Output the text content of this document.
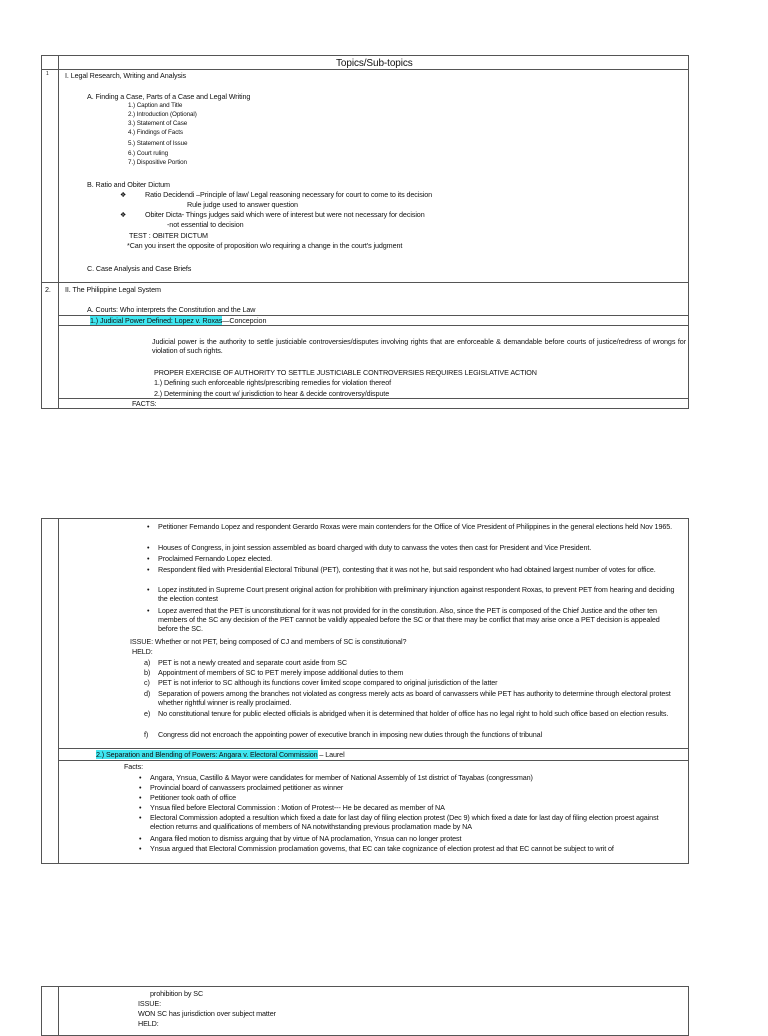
Topics/Sub-topics
1 I. Legal Research, Writing and Analysis
A. Finding a Case, Parts of a Case and Legal Writing
1.) Caption and Title
2.) Introduction (Optional)
3.) Statement of Case
4.) Findings of Facts
5.) Statement of Issue
6.) Court ruling
7.) Dispositive Portion
B. Ratio and Obiter Dictum
❖	Ratio Decidendi –Principle of law/ Legal reasoning necessary for court to come to its decision
Rule judge used to answer question
❖	Obiter Dicta- Things judges said which were of interest but were not necessary for decision
-not essential to decision
TEST : OBITER DICTUM
*Can you insert the opposite of proposition w/o requiring a change in the court's judgment
C. Case Analysis and Case Briefs
2. II. The Philippine Legal System
A. Courts: Who interprets the Constitution and the Law
1.) Judicial Power Defined: Lopez v. Roxas—Concepcion
Judicial power is the authority to settle justiciable controversies/disputes involving rights that are enforceable & demandable before courts of justice/redress of wrongs for violation of such rights.
PROPER EXERCISE OF AUTHORITY TO SETTLE JUSTICIABLE CONTROVERSIES REQUIRES LEGISLATIVE ACTION
1.) Defining such enforceable rights/prescribing remedies for violation thereof
2.) Determining the court w/ jurisdiction to hear & decide controversy/dispute
FACTS:
• Petitioner Fernando Lopez and respondent Gerardo Roxas were main contenders for the Office of Vice President of Philippines in the general elections held Nov 1965.
• Houses of Congress, in joint session assembled as board charged with duty to canvass the votes then cast for President and Vice President.
• Proclaimed Fernando Lopez elected.
• Respondent filed with Presidential Electoral Tribunal (PET), contesting that it was not he, but said respondent who had obtained largest number of votes for office.
• Lopez instituted in Supreme Court present original action for prohibition with preliminary injunction against respondent Roxas, to prevent PET from hearing and deciding the election contest
• Lopez averred that the PET is unconstitutional for it was not provided for in the constitution. Also, since the PET is composed of the Chief Justice and the other ten members of the SC any decision of the PET cannot be validly appealed before the SC or that there may be conflict that may arise once a PET decision is appealed before the SC.
ISSUE: Whether or not PET, being composed of CJ and members of SC is constitutional?
HELD:
a) PET is not a newly created and separate court aside from SC
b) Appointment of members of SC to PET merely impose additional duties to them
c) PET is not inferior to SC although its functions cover limited scope compared to original jurisdiction of the latter
d) Separation of powers among the branches not violated as congress merely acts as board of canvassers while PET has authority to determine through electoral protest whether rightful winner is really proclaimed.
e) No constitutional tenure for public elected officials is abridged when it is determined that holder of office has no legal right to hold such office based on election results.
f) Congress did not encroach the appointing power of executive branch in imposing new duties through the functions of tribunal
2.) Separation and Blending of Powers: Angara v. Electoral Commission – Laurel
Facts:
• Angara, Ynsua, Castillo & Mayor were candidates for member of National Assembly of 1st district of Tayabas (congressman)
• Provincial board of canvassers proclaimed petitioner as winner
• Petitioner took oath of office
• Ynsua filed before Electoral Commission : Motion of Protest--- He be decared as member of NA
• Electoral Commission adopted a resultion which fixed a date for last day of filing election protest (Dec 9) which fixed a date for last day of filing election proest against election returns and qualifications of members of NA notwithstanding previous proclamation made by NA
• Angara filed motion to dismiss arguing that by virtue of NA proclamation, Ynsua can no longer protest
• Ynsua argued that Electoral Commission proclamation governs, that EC can take cognizance of election protest ad that EC cannot be subject to writ of
prohibition by SC
ISSUE:
WON SC has jurisdiction over subject matter
HELD:
